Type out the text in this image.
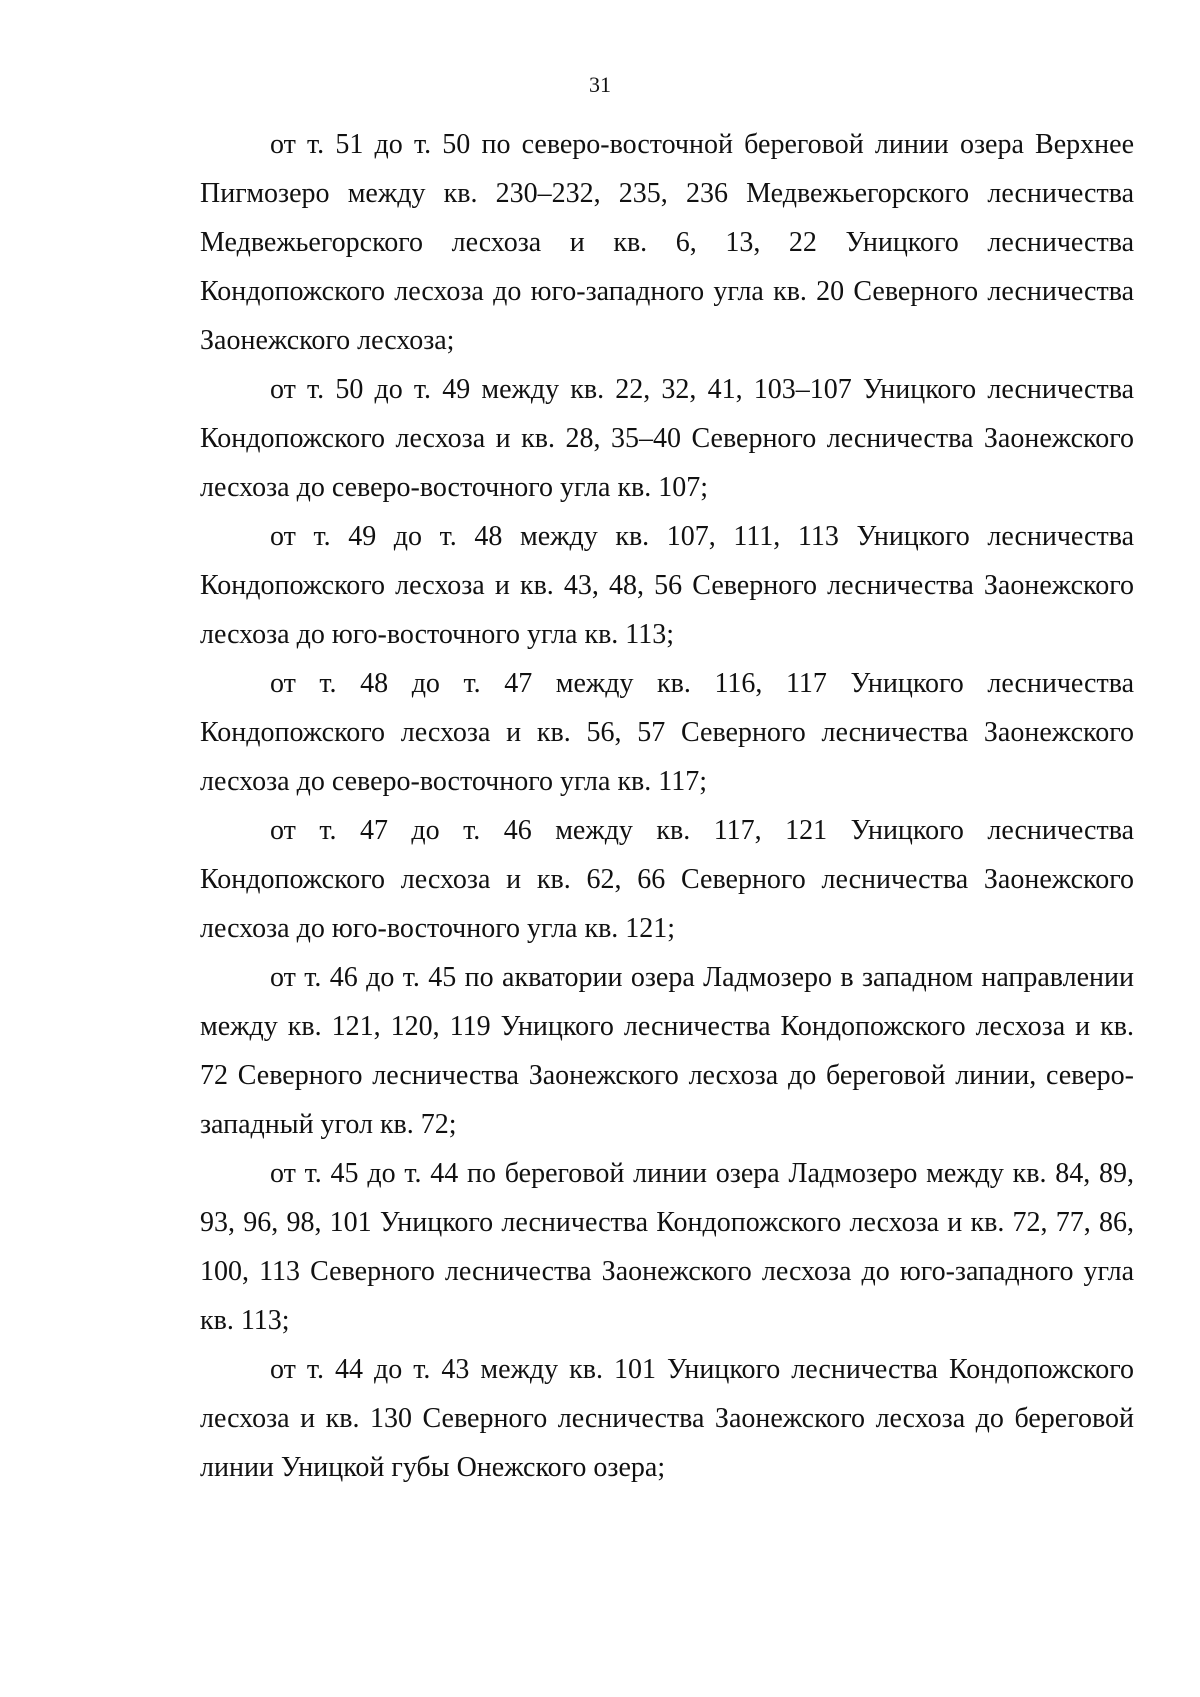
31

от т. 51 до т. 50 по северо-восточной береговой линии озера Верхнее Пигмозеро между кв. 230–232, 235, 236 Медвежьегорского лесничества Медвежьегорского лесхоза и кв. 6, 13, 22 Уницкого лесничества Кондопожского лесхоза до юго-западного угла кв. 20 Северного лесничества Заонежского лесхоза;

от т. 50 до т. 49 между кв. 22, 32, 41, 103–107 Уницкого лесничества Кондопожского лесхоза и кв. 28, 35–40 Северного лесничества Заонежского лесхоза до северо-восточного угла кв. 107;

от т. 49 до т. 48 между кв. 107, 111, 113 Уницкого лесничества Кондопожского лесхоза и кв. 43, 48, 56 Северного лесничества Заонежского лесхоза до юго-восточного угла кв. 113;

от т. 48 до т. 47 между кв. 116, 117 Уницкого лесничества Кондопожского лесхоза и кв. 56, 57 Северного лесничества Заонежского лесхоза до северо-восточного угла кв. 117;

от т. 47 до т. 46 между кв. 117, 121 Уницкого лесничества Кондопожского лесхоза и кв. 62, 66 Северного лесничества Заонежского лесхоза до юго-восточного угла кв. 121;

от т. 46 до т. 45 по акватории озера Ладмозеро в западном направлении между кв. 121, 120, 119 Уницкого лесничества Кондопожского лесхоза и кв. 72 Северного лесничества Заонежского лесхоза до береговой линии, северо-западный угол кв. 72;

от т. 45 до т. 44 по береговой линии озера Ладмозеро между кв. 84, 89, 93, 96, 98, 101 Уницкого лесничества Кондопожского лесхоза и кв. 72, 77, 86, 100, 113 Северного лесничества Заонежского лесхоза до юго-западного угла кв. 113;

от т. 44 до т. 43 между кв. 101 Уницкого лесничества Кондопожского лесхоза и кв. 130 Северного лесничества Заонежского лесхоза до береговой линии Уницкой губы Онежского озера;
